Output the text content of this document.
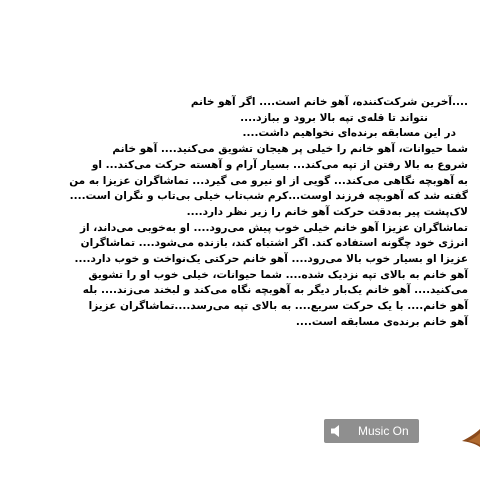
....آخرین شرکت‌کننده، آهو خانم است.... اگر آهو خانم

نتواند تا قله‌ی تپه بالا برود و ببازد....

در این مسابقه برنده‌ای نخواهیم داشت....

شما حیوانات، آهو خانم را خیلی پر هیجان تشویق می‌کنید.... آهو خانم

شروع به بالا رفتن از تپه می‌کند... بسیار آرام و آهسته حرکت می‌کند... او

به آهوبچه نگاهی می‌کند... گویی از او نیرو می گیرد... تماشاگران عزیزا به من

گفته شد که آهوبچه فرزند اوست...کرم شب‌تاب خیلی بی‌تاب و نگران است....

لاک‌پشت پیر به‌دقت حرکت آهو خانم را زیر نظر دارد....

تماشاگران عزیزا آهو خانم خیلی خوب پیش می‌رود.... او به‌خوبی می‌داند، از

انرژی خود چگونه استفاده کند. اگر اشتباه کند، بازنده می‌شود.... تماشاگران

عزیزا او بسیار خوب بالا می‌رود.... آهو خانم حرکتی یک‌نواخت و خوب دارد....

آهو خانم به بالای تپه نزدیک شده.... شما حیوانات، خیلی خوب او را تشویق

می‌کنید.... آهو خانم یک‌بار دیگر به آهوبچه نگاه می‌کند و لبخند می‌زند.... بله

آهو خانم.... با یک حرکت سریع.... به بالای تپه می‌رسد....تماشاگران عزیزا

آهو خانم برنده‌ی مسابقه است....

Music On
